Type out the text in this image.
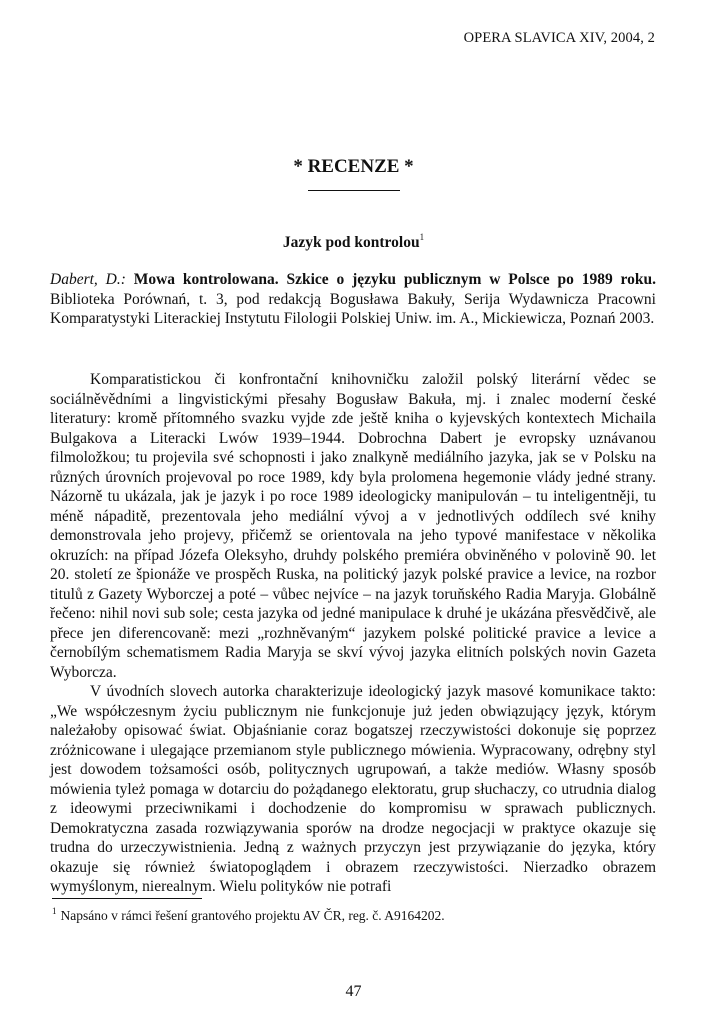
OPERA SLAVICA XIV, 2004, 2
* RECENZE *
Jazyk pod kontrolou$^1$
Dabert, D.: Mowa kontrolowana. Szkice o języku publicznym w Polsce po 1989 roku. Biblioteka Porównań, t. 3, pod redakcją Bogusława Bakuły, Serija Wydawnicza Pracowni Komparatystyki Literackiej Instytutu Filologii Polskiej Uniw. im. A., Mickiewicza, Poznań 2003.

Komparatistickou či konfrontační knihovničku založil polský literární vědec se sociálněvědními a lingvistickými přesahy Bogusław Bakuła, mj. i znalec moderní české literatury: kromě přítomného svazku vyjde zde ještě kniha o kyjevských kontextech Michaila Bulgakova a Literacki Lwów 1939–1944. Dobrochna Dabert je evropsky uznávanou filmoložkou; tu projevila své schopnosti i jako znalkyně mediálního jazyka, jak se v Polsku na různých úrovních projevoval po roce 1989, kdy byla prolomena hegemonie vlády jedné strany. Názorně tu ukázala, jak je jazyk i po roce 1989 ideologicky manipulován – tu inteligentněji, tu méně nápaditě, prezentovala jeho mediální vývoj a v jednotlivých oddílech své knihy demonstrovala jeho projevy, přičemž se orientovala na jeho typové manifestace v několika okruzích: na případ Józefa Oleksyho, druhdy polského premiéra obviněného v polovině 90. let 20. století ze špionáže ve prospěch Ruska, na politický jazyk polské pravice a levice, na rozbor titulů z Gazety Wyborczej a poté – vůbec nejvíce – na jazyk toruňského Radia Maryja. Globálně řečeno: nihil novi sub sole; cesta jazyka od jedné manipulace k druhé je ukázána přesvědčivě, ale přece jen diferencovaně: mezi „rozhněvaným“ jazykem polské politické pravice a levice a černobílým schematismem Radia Maryja se skví vývoj jazyka elitních polských novin Gazeta Wyborcza.

V úvodních slovech autorka charakterizuje ideologický jazyk masové komunikace takto: „We współczesnym życiu publicznym nie funkcjonuje już jeden obwiązujący język, którym należałoby opisować świat. Objaśnianie coraz bogatszej rzeczywistości dokonuje się poprzez zróżnicowane i ulegające przemianom style publicznego mówienia. Wypracowany, odrębny styl jest dowodem tożsamości osób, politycznych ugrupowań, a także mediów. Własny sposób mówienia tyleż pomaga w dotarciu do pożądanego elektoratu, grup słuchaczy, co utrudnia dialog z ideowymi przeciwnikami i dochodzenie do kompromisu w sprawach publicznych. Demokratyczna zasada rozwiązywania sporów na drodze negocjacji w praktyce okazuje się trudna do urzeczywistnienia. Jedną z ważnych przyczyn jest przywiązanie do języka, który okazuje się również światopoglądem i obrazem rzeczywistości. Nierzadko obrazem wymyślonym, nierealnym. Wielu polityków nie potrafi

$^1$ Napsáno v rámci řešení grantového projektu AV ČR, reg. č. A9164202.
47
